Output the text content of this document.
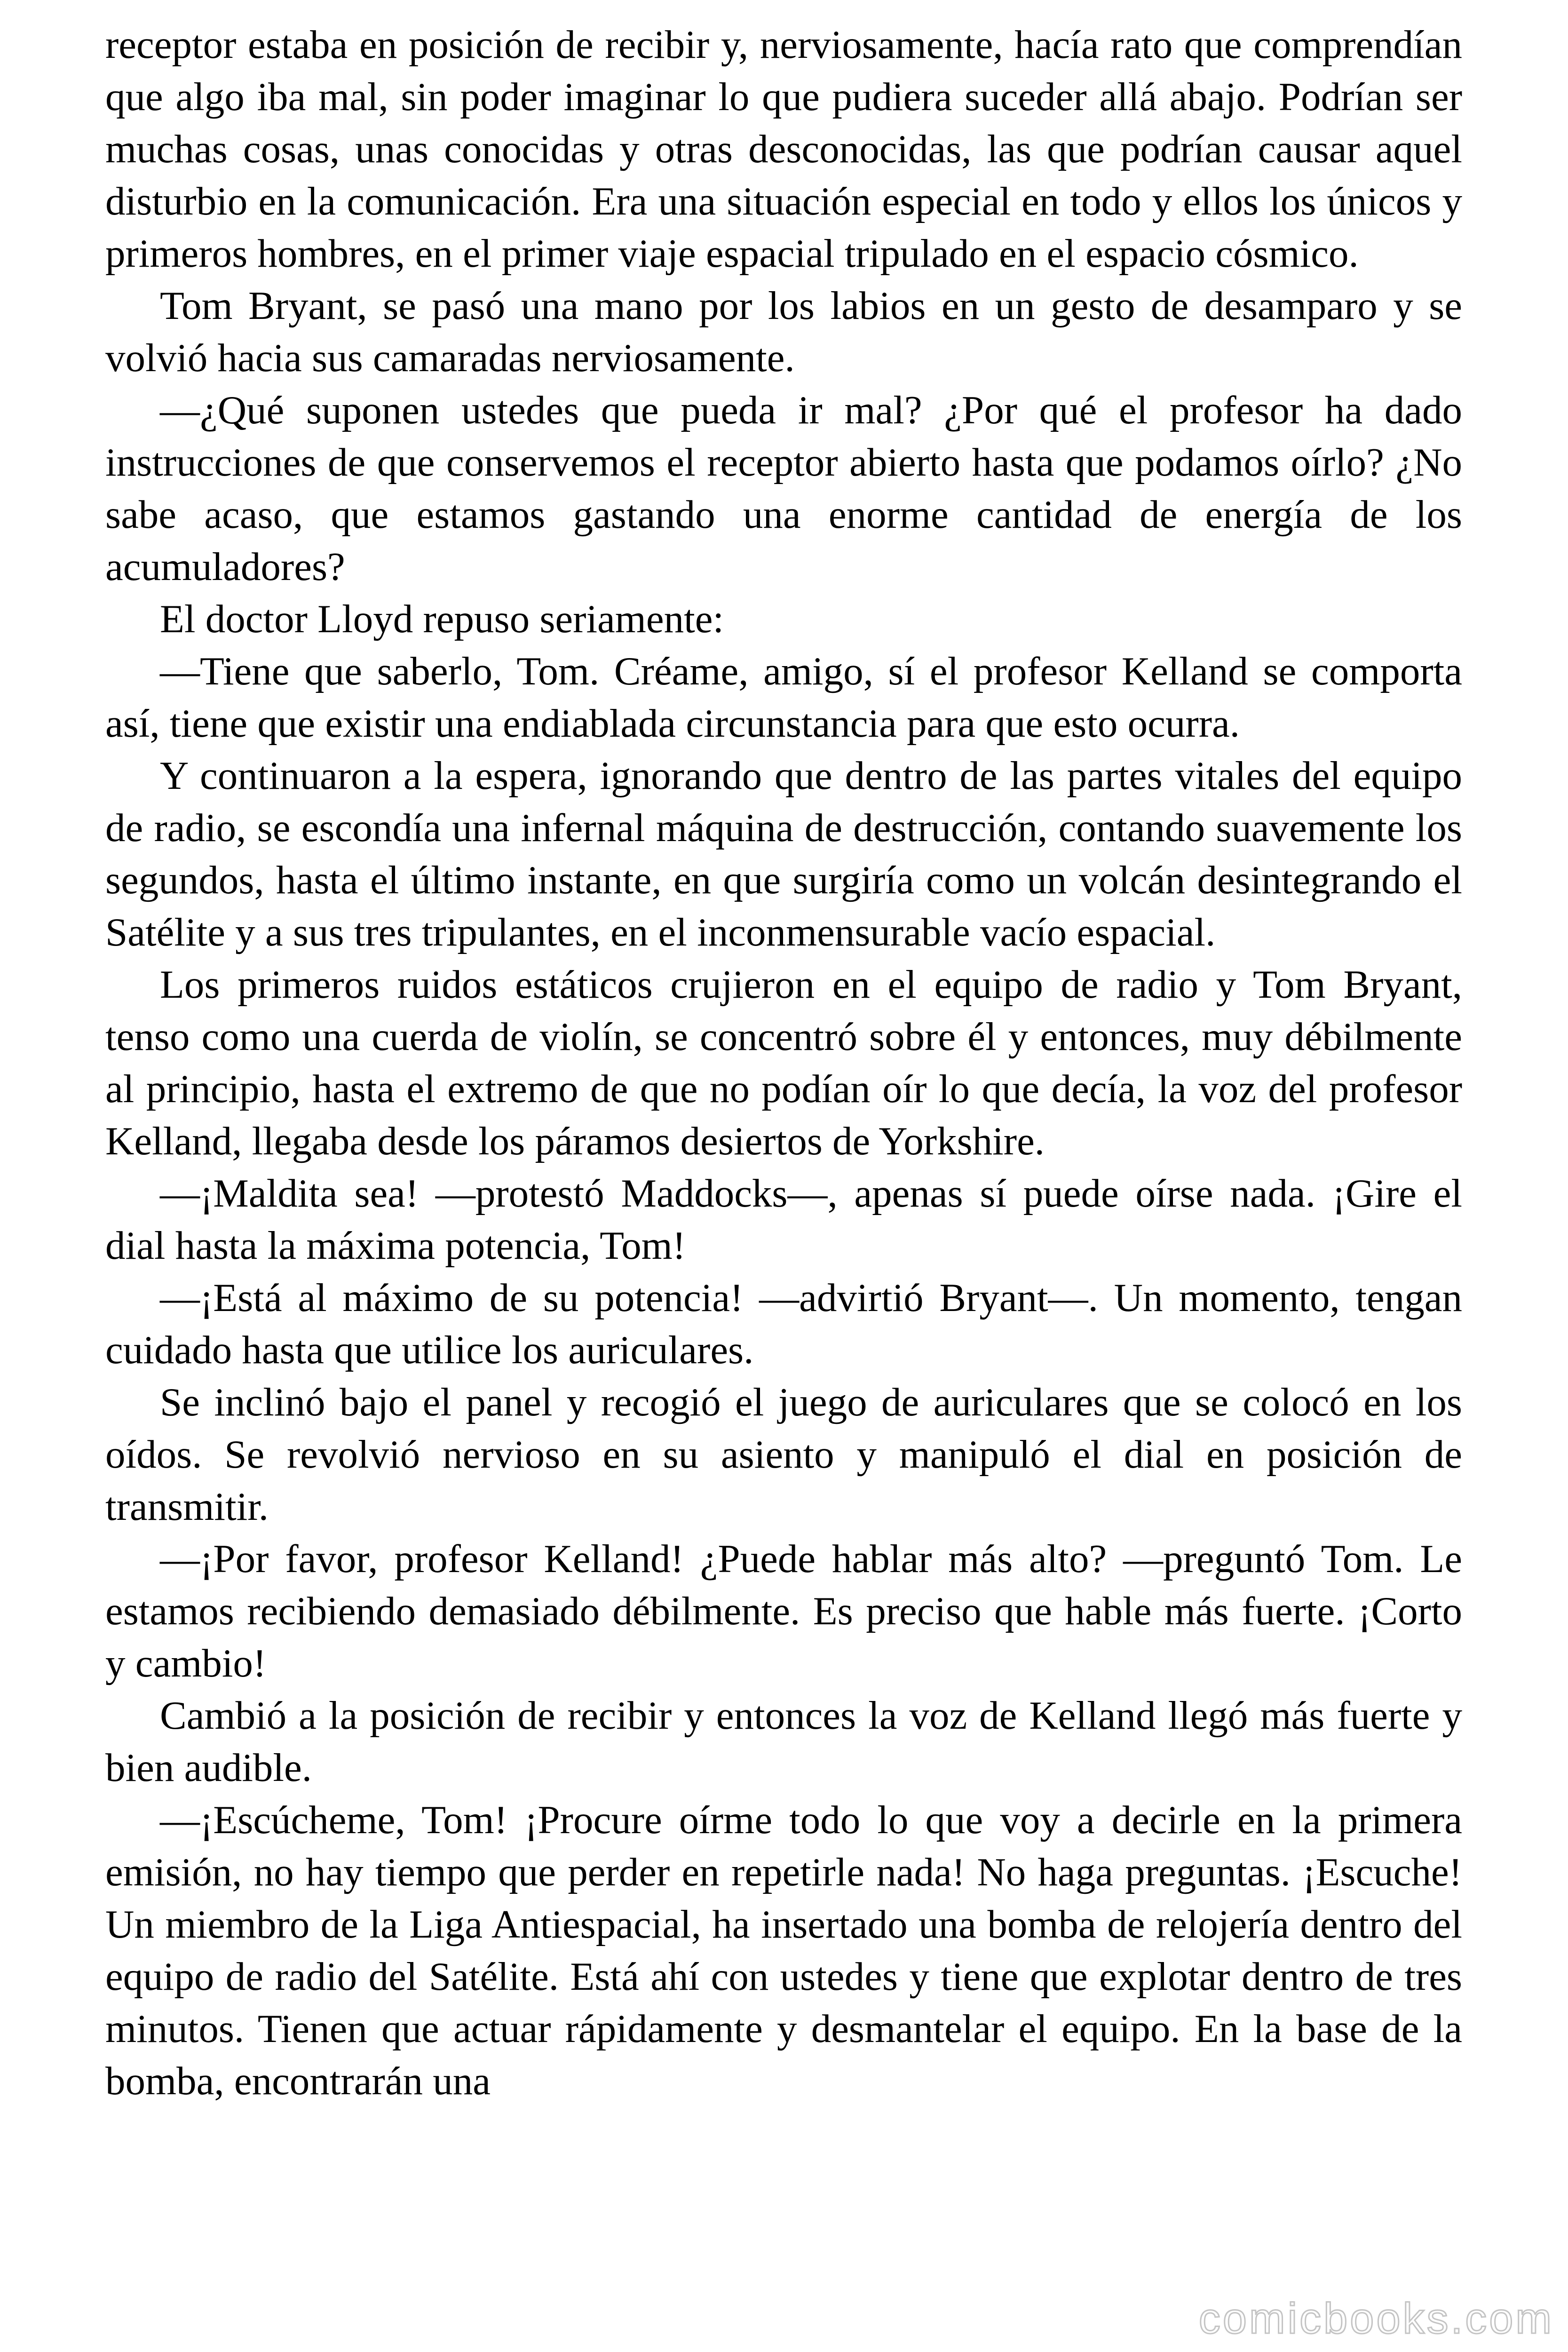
receptor estaba en posición de recibir y, nerviosamente, hacía rato que comprendían que algo iba mal, sin poder imaginar lo que pudiera suceder allá abajo. Podrían ser muchas cosas, unas conocidas y otras desconocidas, las que podrían causar aquel disturbio en la comunicación. Era una situación especial en todo y ellos los únicos y primeros hombres, en el primer viaje espacial tripulado en el espacio cósmico.

Tom Bryant, se pasó una mano por los labios en un gesto de desamparo y se volvió hacia sus camaradas nerviosamente.

—¿Qué suponen ustedes que pueda ir mal? ¿Por qué el profesor ha dado instrucciones de que conservemos el receptor abierto hasta que podamos oírlo? ¿No sabe acaso, que estamos gastando una enorme cantidad de energía de los acumuladores?

El doctor Lloyd repuso seriamente:

—Tiene que saberlo, Tom. Créame, amigo, sí el profesor Kelland se comporta así, tiene que existir una endiablada circunstancia para que esto ocurra.

Y continuaron a la espera, ignorando que dentro de las partes vitales del equipo de radio, se escondía una infernal máquina de destrucción, contando suavemente los segundos, hasta el último instante, en que surgiría como un volcán desintegrando el Satélite y a sus tres tripulantes, en el inconmensurable vacío espacial.

Los primeros ruidos estáticos crujieron en el equipo de radio y Tom Bryant, tenso como una cuerda de violín, se concentró sobre él y entonces, muy débilmente al principio, hasta el extremo de que no podían oír lo que decía, la voz del profesor Kelland, llegaba desde los páramos desiertos de Yorkshire.

—¡Maldita sea! —protestó Maddocks—, apenas sí puede oírse nada. ¡Gire el dial hasta la máxima potencia, Tom!

—¡Está al máximo de su potencia! —advirtió Bryant—. Un momento, tengan cuidado hasta que utilice los auriculares.

Se inclinó bajo el panel y recogió el juego de auriculares que se colocó en los oídos. Se revolvió nervioso en su asiento y manipuló el dial en posición de transmitir.

—¡Por favor, profesor Kelland! ¿Puede hablar más alto? —preguntó Tom. Le estamos recibiendo demasiado débilmente. Es preciso que hable más fuerte. ¡Corto y cambio!

Cambió a la posición de recibir y entonces la voz de Kelland llegó más fuerte y bien audible.

—¡Escúcheme, Tom! ¡Procure oírme todo lo que voy a decirle en la primera emisión, no hay tiempo que perder en repetirle nada! No haga preguntas. ¡Escuche! Un miembro de la Liga Antiespacial, ha insertado una bomba de relojería dentro del equipo de radio del Satélite. Está ahí con ustedes y tiene que explotar dentro de tres minutos. Tienen que actuar rápidamente y desmantelar el equipo. En la base de la bomba, encontrarán una

comicbooks.com
